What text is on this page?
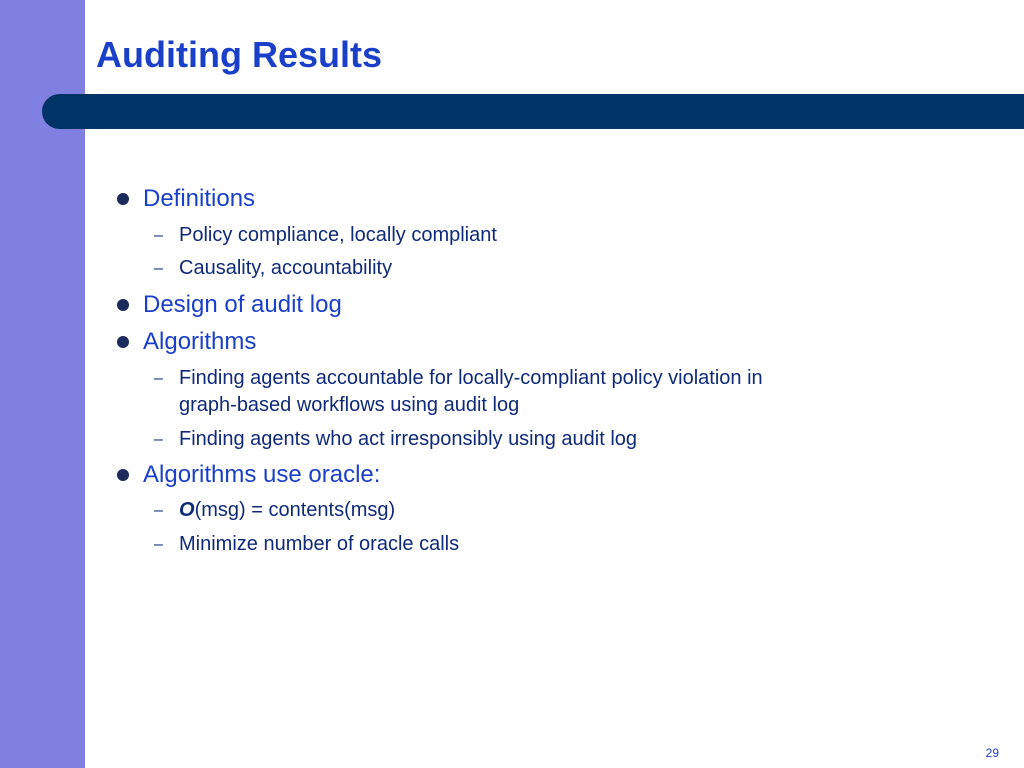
Auditing Results
Definitions
– Policy compliance, locally compliant
– Causality, accountability
Design of audit log
Algorithms
– Finding agents accountable for locally-compliant policy violation in
graph-based workflows using audit log
– Finding agents who act irresponsibly using audit log
Algorithms use oracle:
– O(msg) = contents(msg)
– Minimize number of oracle calls
29
